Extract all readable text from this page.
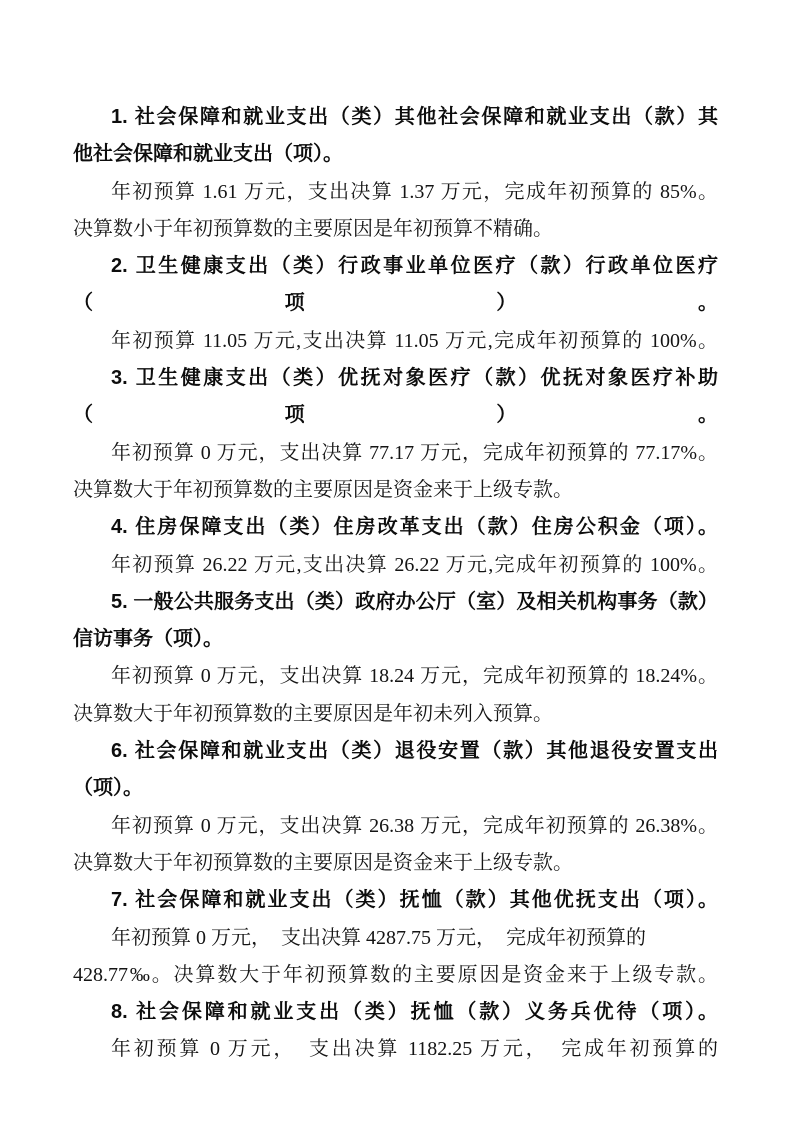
1. 社会保障和就业支出（类）其他社会保障和就业支出（款）其
他社会保障和就业支出（项）。
年初预算 1.61 万元，支出决算 1.37 万元，完成年初预算的 85%。
决算数小于年初预算数的主要原因是年初预算不精确。
2. 卫生健康支出（类）行政事业单位医疗（款）行政单位医疗（项）。
年初预算 11.05 万元,支出决算 11.05 万元,完成年初预算的 100%。
3. 卫生健康支出（类）优抚对象医疗（款）优抚对象医疗补助（项）。
年初预算 0 万元，支出决算 77.17 万元，完成年初预算的 77.17%。
决算数大于年初预算数的主要原因是资金来于上级专款。
4. 住房保障支出（类）住房改革支出（款）住房公积金（项）。
年初预算 26.22 万元,支出决算 26.22 万元,完成年初预算的 100%。
5. 一般公共服务支出（类）政府办公厅（室）及相关机构事务（款）
信访事务（项）。
年初预算 0 万元，支出决算 18.24 万元，完成年初预算的 18.24%。
决算数大于年初预算数的主要原因是年初未列入预算。
6. 社会保障和就业支出（类）退役安置（款）其他退役安置支出
（项）。
年初预算 0 万元，支出决算 26.38 万元，完成年初预算的 26.38%。
决算数大于年初预算数的主要原因是资金来于上级专款。
7. 社会保障和就业支出（类）抚恤（款）其他优抚支出（项）。
年初预算 0 万元，　支出决算 4287.75 万元，　完成年初预算的
428.77‰。决算数大于年初预算数的主要原因是资金来于上级专款。
8. 社会保障和就业支出（类）抚恤（款）义务兵优待（项）。
年初预算 0 万元，　支出决算 1182.25 万元，　完成年初预算的
